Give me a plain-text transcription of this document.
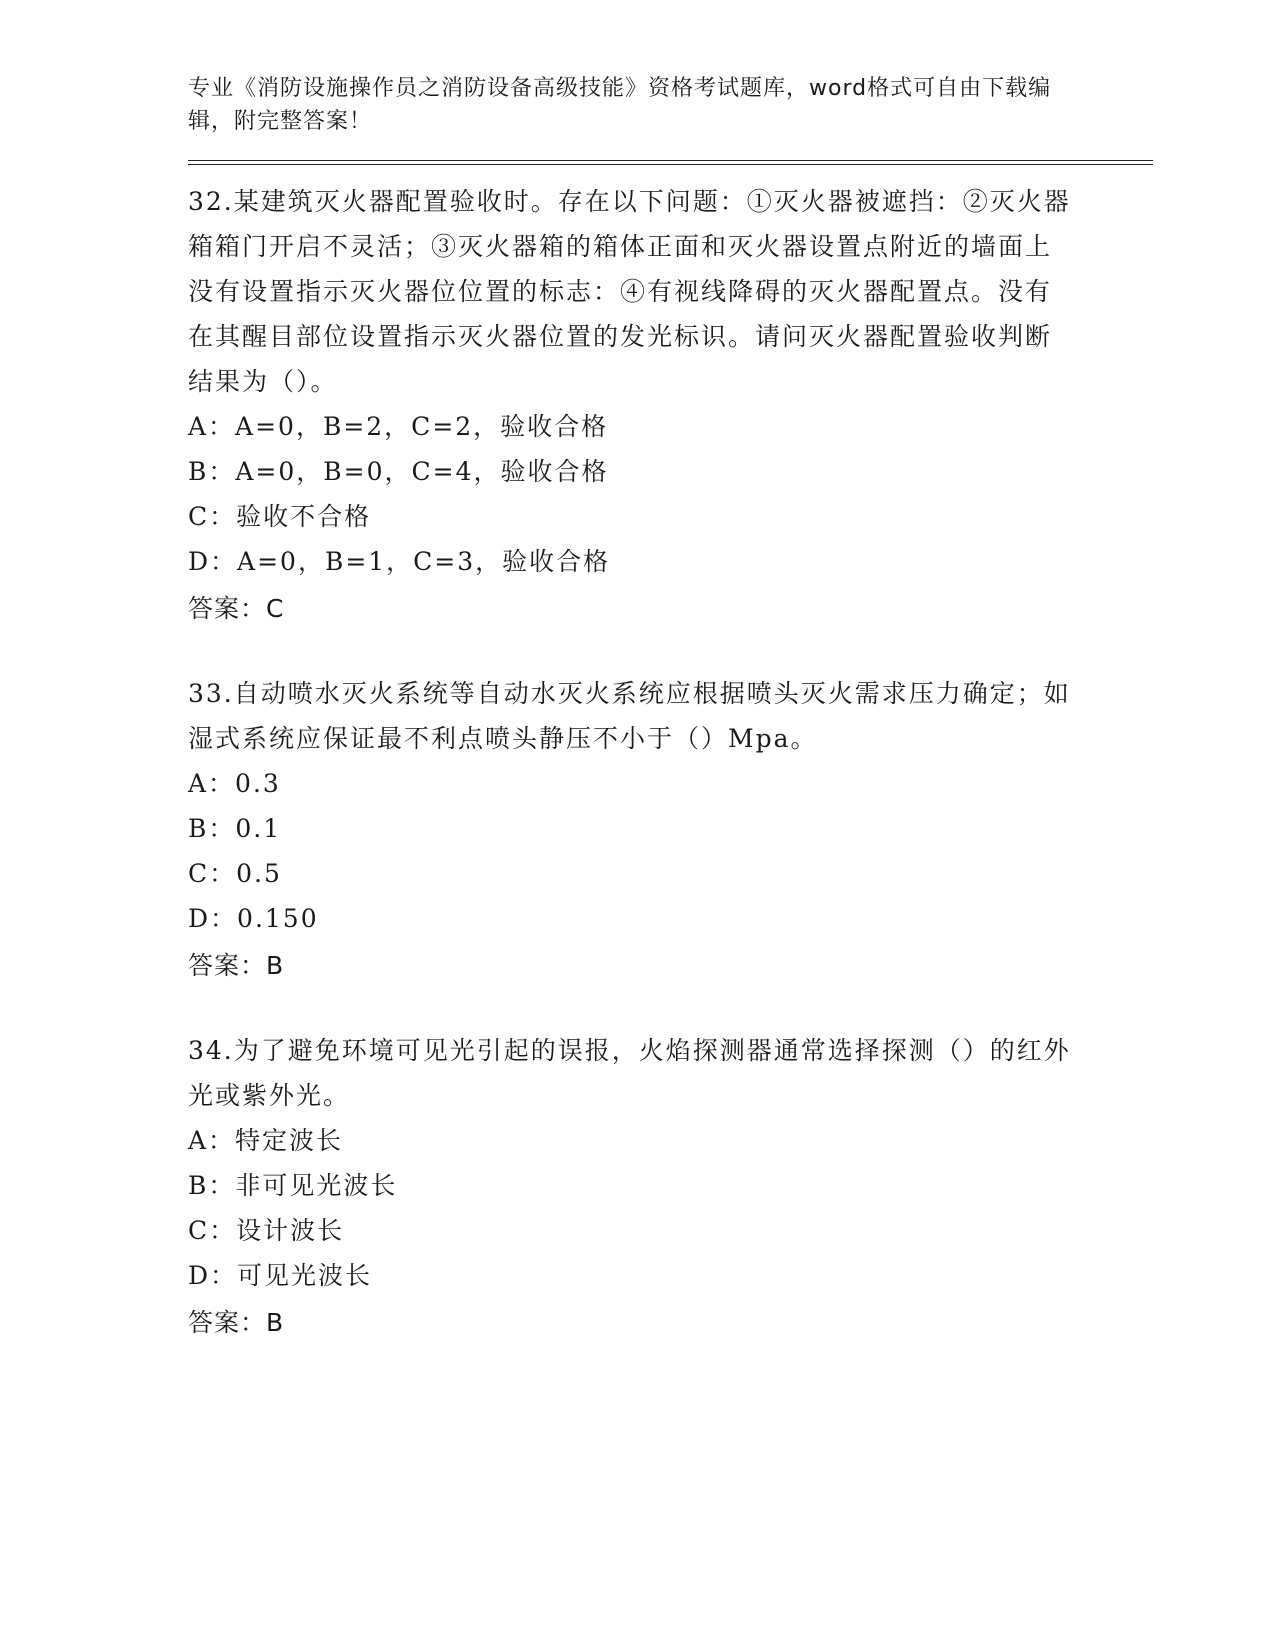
专业《消防设施操作员之消防设备高级技能》资格考试题库，word格式可自由下载编辑，附完整答案！
32.某建筑灭火器配置验收时。存在以下问题：①灭火器被遮挡：②灭火器箱箱门开启不灵活；③灭火器箱的箱体正面和灭火器设置点附近的墙面上没有设置指示灭火器位位置的标志：④有视线降碍的灭火器配置点。没有在其醒目部位设置指示灭火器位置的发光标识。请问灭火器配置验收判断结果为（）。
A：A=0，B=2，C=2，验收合格
B：A=0，B=0，C=4，验收合格
C：验收不合格
D：A=0，B=1，C=3，验收合格
答案：C
33.自动喷水灭火系统等自动水灭火系统应根据喷头灭火需求压力确定；如湿式系统应保证最不利点喷头静压不小于（）Mpa。
A：0.3
B：0.1
C：0.5
D：0.150
答案：B
34.为了避免环境可见光引起的误报，火焰探测器通常选择探测（）的红外光或紫外光。
A：特定波长
B：非可见光波长
C：设计波长
D：可见光波长
答案：B
